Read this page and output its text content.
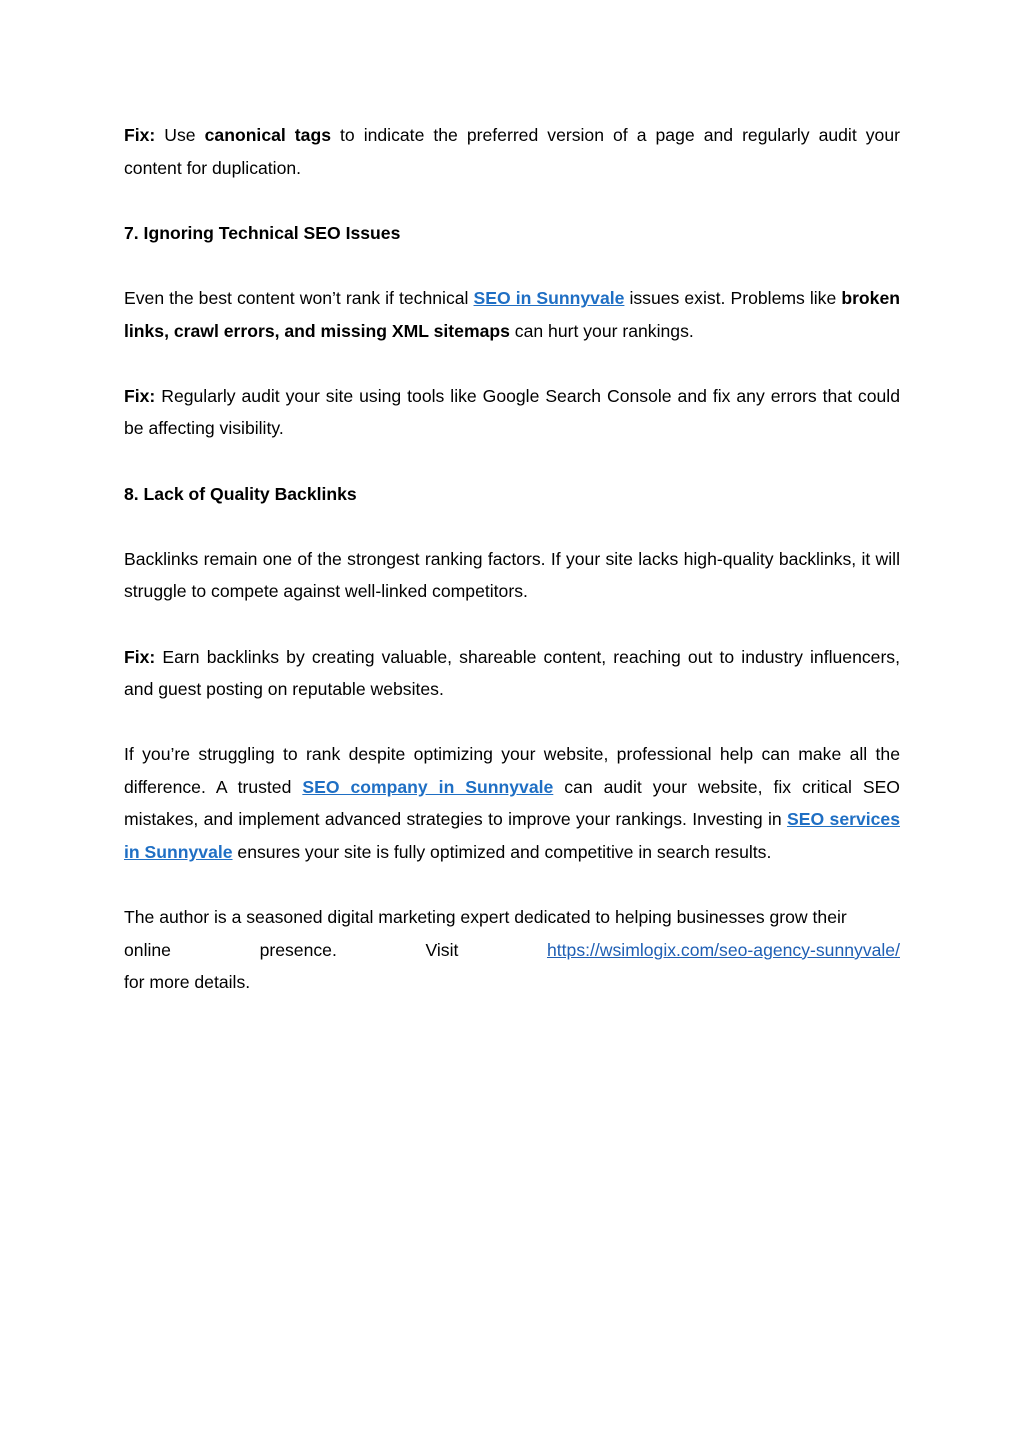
Fix: Use canonical tags to indicate the preferred version of a page and regularly audit your content for duplication.

7. Ignoring Technical SEO Issues

Even the best content won’t rank if technical SEO in Sunnyvale issues exist. Problems like broken links, crawl errors, and missing XML sitemaps can hurt your rankings.

Fix: Regularly audit your site using tools like Google Search Console and fix any errors that could be affecting visibility.

8. Lack of Quality Backlinks

Backlinks remain one of the strongest ranking factors. If your site lacks high-quality backlinks, it will struggle to compete against well-linked competitors.

Fix: Earn backlinks by creating valuable, shareable content, reaching out to industry influencers, and guest posting on reputable websites.

If you’re struggling to rank despite optimizing your website, professional help can make all the difference. A trusted SEO company in Sunnyvale can audit your website, fix critical SEO mistakes, and implement advanced strategies to improve your rankings. Investing in SEO services in Sunnyvale ensures your site is fully optimized and competitive in search results.

The author is a seasoned digital marketing expert dedicated to helping businesses grow their

online	presence.	Visit	https://wsimlogix.com/seo-agency-sunnyvale/

for more details.
